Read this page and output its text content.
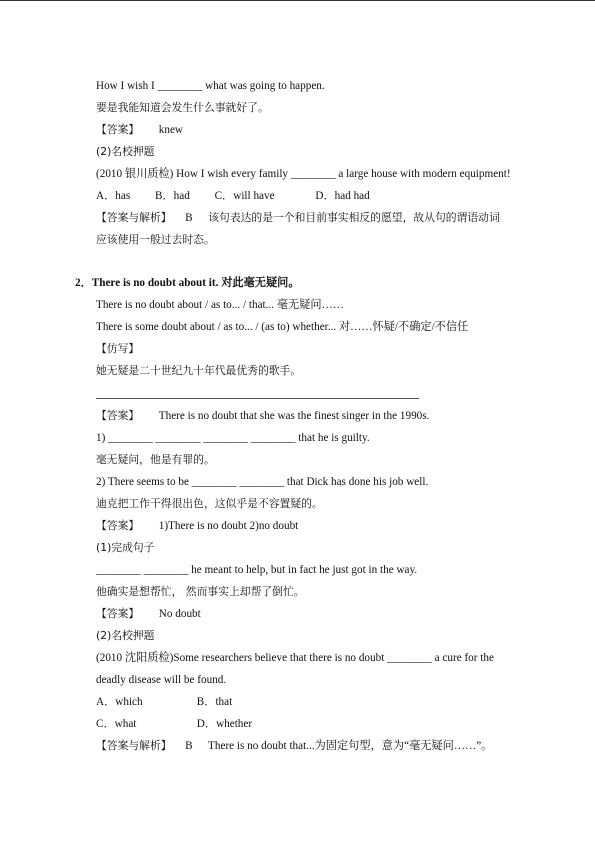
How I wish I ________ what was going to happen.
要是我能知道会发生什么事就好了。
【答案】 knew
(2)名校押题
(2010 银川质检) How I wish every family ________ a large house with modern equipment!
A．has B．had C．will have	D．had had
【答案与解析】 B 该句表达的是一个和目前事实相反的愿望，故从句的谓语动词
应该使用一般过去时态。
2．There is no doubt about it. 对此毫无疑问。
There is no doubt about / as to... / that... 毫无疑问……
There is some doubt about / as to... / (as to) whether... 对……怀疑/不确定/不信任
【仿写】
她无疑是二十世纪九十年代最优秀的歌手。
【答案】 There is no doubt that she was the finest singer in the 1990s.
1) ________ ________ ________ ________ that he is guilty.
毫无疑问，他是有罪的。
2) There seems to be ________ ________ that Dick has done his job well.
迪克把工作干得很出色，这似乎是不容置疑的。
【答案】 1)There is no doubt 2)no doubt
(1)完成句子
________ ________ he meant to help, but in fact he just got in the way.
他确实是想帮忙， 然而事实上却帮了倒忙。
【答案】 No doubt
(2)名校押题
(2010 沈阳质检)Some researchers believe that there is no doubt ________ a cure for the
deadly disease will be found.
A．which	B．that
C．what	D．whether
【答案与解析】 B There is no doubt that...为固定句型，意为“毫无疑问……”。
